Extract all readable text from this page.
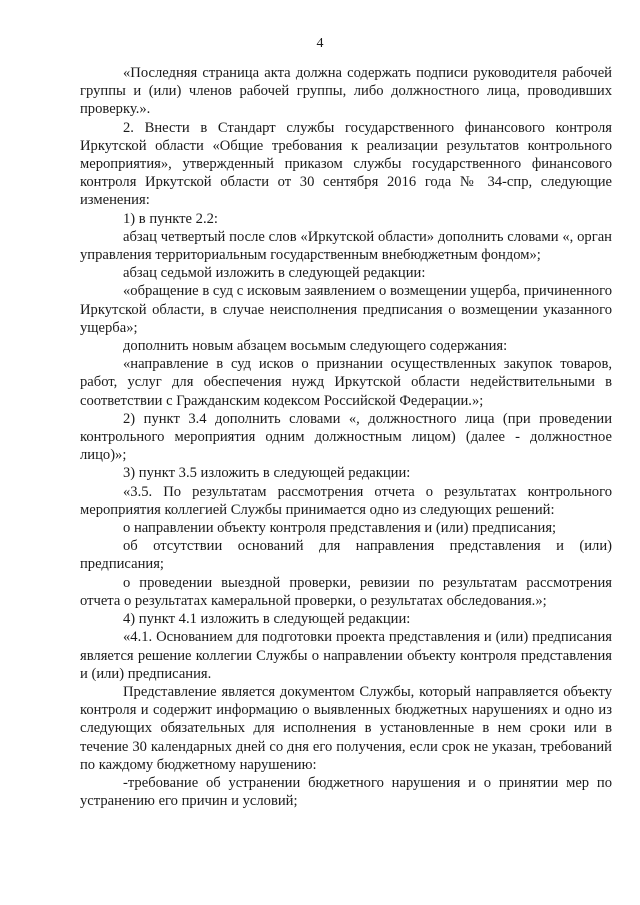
4

«Последняя страница акта должна содержать подписи руководителя рабочей группы и (или) членов рабочей группы, либо должностного лица, проводивших проверку.».

2. Внести в Стандарт службы государственного финансового контроля Иркутской области «Общие требования к реализации результатов контрольного мероприятия», утвержденный приказом службы государственного финансового контроля Иркутской области от 30 сентября 2016 года № 34-спр, следующие изменения:

1) в пункте 2.2:

абзац четвертый после слов «Иркутской области» дополнить словами «, орган управления территориальным государственным внебюджетным фондом»;

абзац седьмой изложить в следующей редакции:

«обращение в суд с исковым заявлением о возмещении ущерба, причиненного Иркутской области, в случае неисполнения предписания о возмещении указанного ущерба»;

дополнить новым абзацем восьмым следующего содержания:

«направление в суд исков о признании осуществленных закупок товаров, работ, услуг для обеспечения нужд Иркутской области недействительными в соответствии с Гражданским кодексом Российской Федерации.»;

2) пункт 3.4 дополнить словами «, должностного лица (при проведении контрольного мероприятия одним должностным лицом) (далее - должностное лицо)»;

3) пункт 3.5 изложить в следующей редакции:

«3.5. По результатам рассмотрения отчета о результатах контрольного мероприятия коллегией Службы принимается одно из следующих решений:

о направлении объекту контроля представления и (или) предписания;

об отсутствии оснований для направления представления и (или) предписания;

о проведении выездной проверки, ревизии по результатам рассмотрения отчета о результатах камеральной проверки, о результатах обследования.»;

4) пункт 4.1 изложить в следующей редакции:

«4.1. Основанием для подготовки проекта представления и (или) предписания является решение коллегии Службы о направлении объекту контроля представления и (или) предписания.

Представление является документом Службы, который направляется объекту контроля и содержит информацию о выявленных бюджетных нарушениях и одно из следующих обязательных для исполнения в установленные в нем сроки или в течение 30 календарных дней со дня его получения, если срок не указан, требований по каждому бюджетному нарушению:

-требование об устранении бюджетного нарушения и о принятии мер по устранению его причин и условий;
